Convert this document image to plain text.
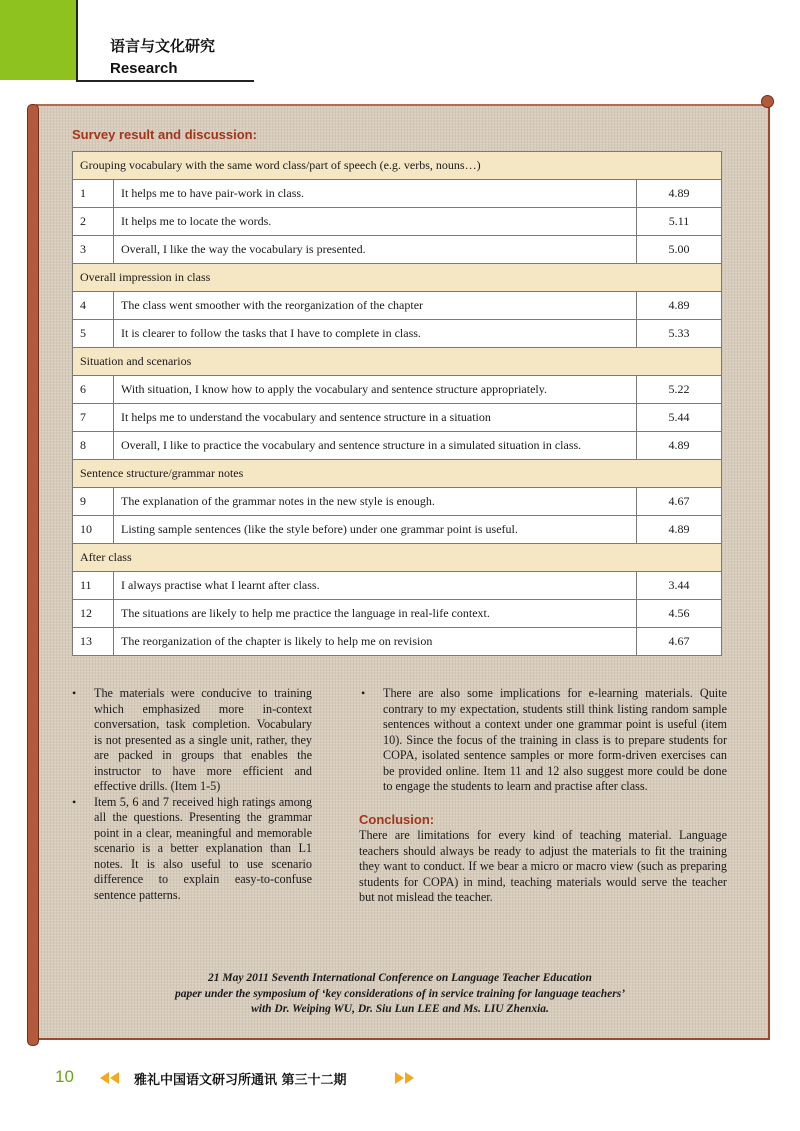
语言与文化研究
Research
Survey result and discussion:
Grouping vocabulary with the same word class/part of speech (e.g. verbs, nouns…)		
1	It helps me to have pair-work in class.	4.89
2	It helps me to locate the words.	5.11
3	Overall, I like the way the vocabulary is presented.	5.00
Overall impression in class		
4	The class went smoother with the reorganization of the chapter	4.89
5	It is clearer to follow the tasks that I have to complete in class.	5.33
Situation and scenarios		
6	With situation, I know how to apply the vocabulary and sentence structure appropriately.	5.22
7	It helps me to understand the vocabulary and sentence structure in a situation	5.44
8	Overall, I like to practice the vocabulary and sentence structure in a simulated situation in class.	4.89
Sentence structure/grammar notes		
9	The explanation of the grammar notes in the new style is enough.	4.67
10	Listing sample sentences (like the style before) under one grammar point is useful.	4.89
After class		
11	I always practise what I learnt after class.	3.44
12	The situations are likely to help me practice the language in real-life context.	4.56
13	The reorganization of the chapter is likely to help me on revision	4.67
• The materials were conducive to training which emphasized more in-context conversation, task completion. Vocabulary is not presented as a single unit, rather, they are packed in groups that enables the instructor to have more efficient and effective drills. (Item 1-5)
• Item 5, 6 and 7 received high ratings among all the questions. Presenting the grammar point in a clear, meaningful and memorable scenario is a better explanation than L1 notes. It is also useful to use scenario difference to explain easy-to-confuse sentence patterns.
• There are also some implications for e-learning materials. Quite contrary to my expectation, students still think listing random sample sentences without a context under one grammar point is useful (item 10). Since the focus of the training in class is to prepare students for COPA, isolated sentence samples or more form-driven exercises can be provided online. Item 11 and 12 also suggest more could be done to engage the students to learn and practise after class.
Conclusion:

There are limitations for every kind of teaching material. Language teachers should always be ready to adjust the materials to fit the training they want to conduct. If we bear a micro or macro view (such as preparing students for COPA) in mind, teaching materials would serve the teacher but not mislead the teacher.

21 May 2011 Seventh International Conference on Language Teacher Education
paper under the symposium of ‘key considerations of in service training for language teachers’
with Dr. Weiping WU, Dr. Siu Lun LEE and Ms. LIU Zhenxia.
10	雅礼中国语文研习所通讯 第三十二期
